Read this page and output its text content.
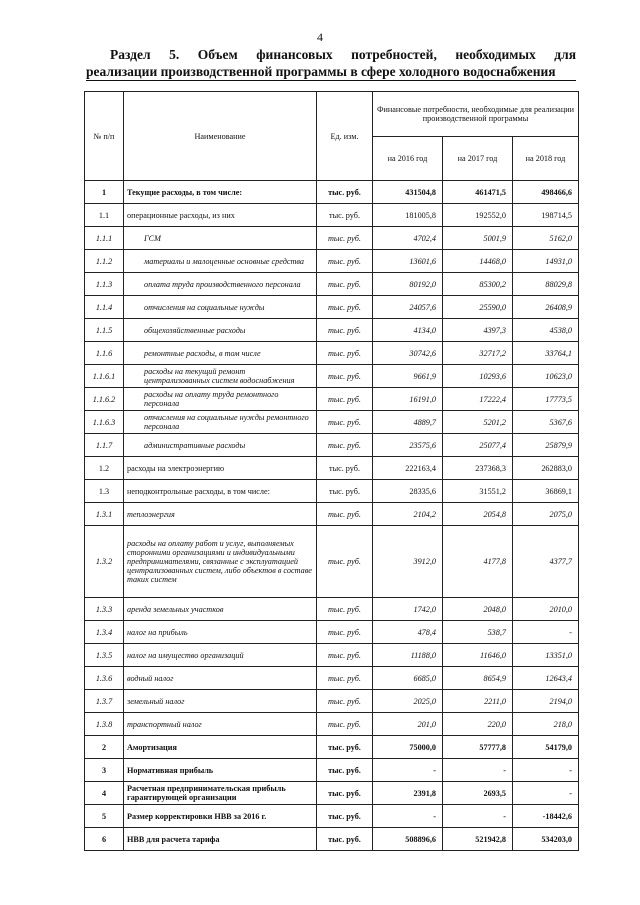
4
Раздел 5. Объем финансовых потребностей, необходимых для
реализации производственной программы в сфере холодного водоснабжения
№ п/п	Наименование	Ед. изм.	Финансовые потребности, необходимые для реализации производственной программы		
			на 2016 год	на 2017 год	на 2018 год
1	Текущие расходы, в том числе:	тыс. руб.	431504,8	461471,5	498466,6
1.1	операционные расходы, из них	тыс. руб.	181005,8	192552,0	198714,5
1.1.1	ГСМ	тыс. руб.	4702,4	5001,9	5162,0
1.1.2	материалы и малоценные основные средства	тыс. руб.	13601,6	14468,0	14931,0
1.1.3	оплата труда производственного персонала	тыс. руб.	80192,0	85300,2	88029,8
1.1.4	отчисления на социальные нужды	тыс. руб.	24057,6	25590,0	26408,9
1.1.5	общехозяйственные расходы	тыс. руб.	4134,0	4397,3	4538,0
1.1.6	ремонтные расходы, в том числе	тыс. руб.	30742,6	32717,2	33764,1
1.1.6.1	расходы на текущий ремонт централизованных систем водоснабжения	тыс. руб.	9661,9	10293,6	10623,0
1.1.6.2	расходы на оплату труда ремонтного персонала	тыс. руб.	16191,0	17222,4	17773,5
1.1.6.3	отчисления на социальные нужды ремонтного персонала	тыс. руб.	4889,7	5201,2	5367,6
1.1.7	административные расходы	тыс. руб.	23575,6	25077,4	25879,9
1.2	расходы на электроэнергию	тыс. руб.	222163,4	237368,3	262883,0
1.3	неподконтрольные расходы, в том числе:	тыс. руб.	28335,6	31551,2	36869,1
1.3.1	теплоэнергия	тыс. руб.	2104,2	2054,8	2075,0
1.3.2	расходы на оплату работ и услуг, выполняемых сторонними организациями и индивидуальными предпринимателями, связанные с эксплуатацией централизованных систем, либо объектов в составе таких систем	тыс. руб.	3912,0	4177,8	4377,7
1.3.3	аренда земельных участков	тыс. руб.	1742,0	2048,0	2010,0
1.3.4	налог на прибыль	тыс. руб.	478,4	538,7	-
1.3.5	налог на имущество организаций	тыс. руб.	11188,0	11646,0	13351,0
1.3.6	водный налог	тыс. руб.	6685,0	8654,9	12643,4
1.3.7	земельный налог	тыс. руб.	2025,0	2211,0	2194,0
1.3.8	транспортный налог	тыс. руб.	201,0	220,0	218,0
2	Амортизация	тыс. руб.	75000,0	57777,8	54179,0
3	Нормативная прибыль	тыс. руб.	-	-	-
4	Расчетная предпринимательская прибыль гарантирующей организации	тыс. руб.	2391,8	2693,5	-
5	Размер корректировки НВВ за 2016 г.	тыс. руб.	-	-	-18442,6
6	НВВ для расчета тарифа	тыс. руб.	508896,6	521942,8	534203,0
